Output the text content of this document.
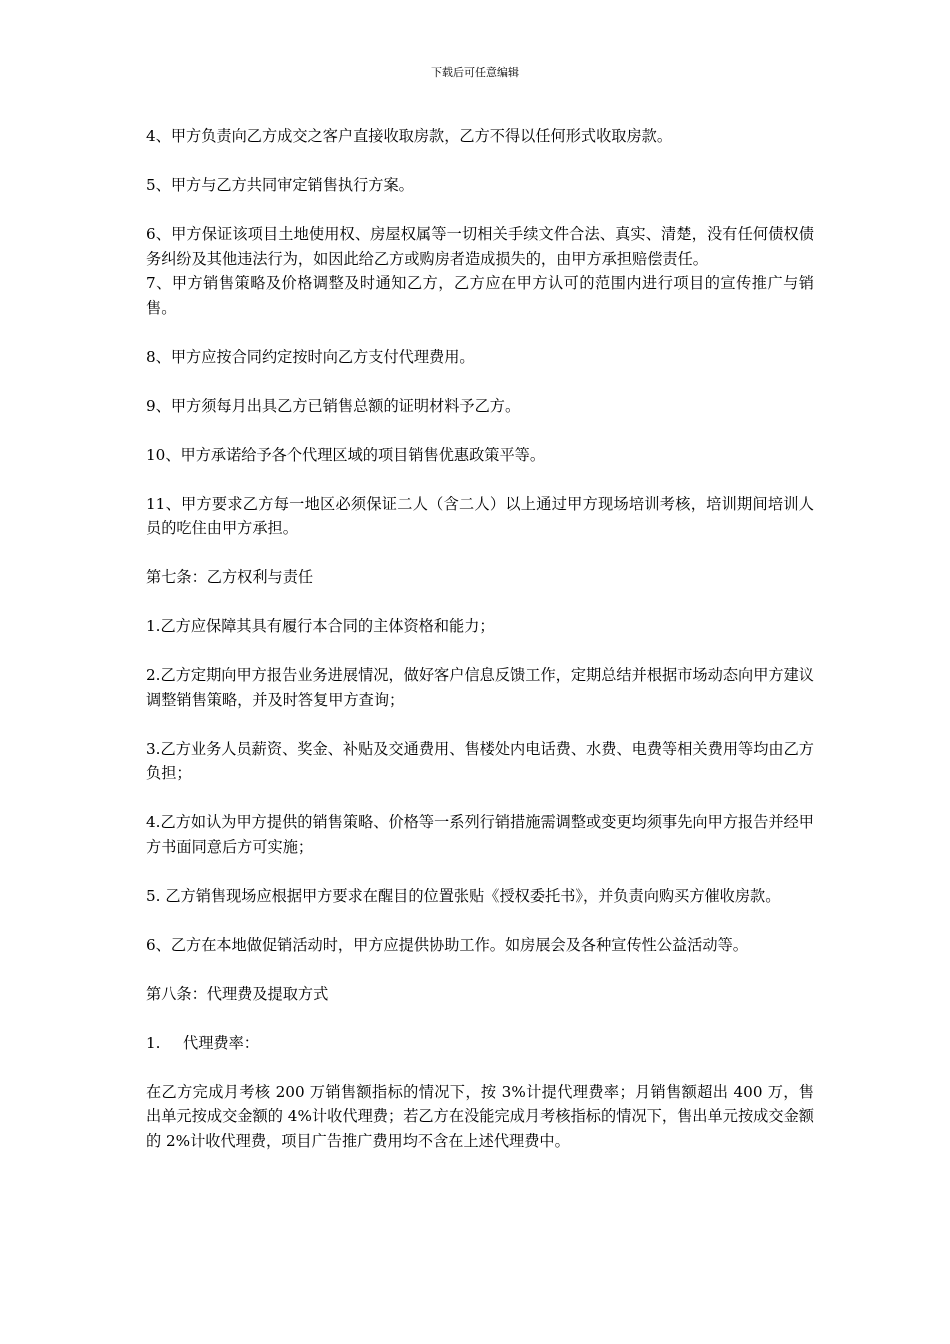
下载后可任意编辑

4、甲方负责向乙方成交之客户直接收取房款，乙方不得以任何形式收取房款。

5、甲方与乙方共同审定销售执行方案。

6、甲方保证该项目土地使用权、房屋权属等一切相关手续文件合法、真实、清楚，没有任何债权债务纠纷及其他违法行为，如因此给乙方或购房者造成损失的，由甲方承担赔偿责任。

7、甲方销售策略及价格调整及时通知乙方，乙方应在甲方认可的范围内进行项目的宣传推广与销售。

8、甲方应按合同约定按时向乙方支付代理费用。

9、甲方须每月出具乙方已销售总额的证明材料予乙方。

10、甲方承诺给予各个代理区域的项目销售优惠政策平等。

11、甲方要求乙方每一地区必须保证二人（含二人）以上通过甲方现场培训考核，培训期间培训人员的吃住由甲方承担。

第七条：乙方权利与责任

1.乙方应保障其具有履行本合同的主体资格和能力；

2.乙方定期向甲方报告业务进展情况，做好客户信息反馈工作，定期总结并根据市场动态向甲方建议调整销售策略，并及时答复甲方查询；

3.乙方业务人员薪资、奖金、补贴及交通费用、售楼处内电话费、水费、电费等相关费用等均由乙方负担；

4.乙方如认为甲方提供的销售策略、价格等一系列行销措施需调整或变更均须事先向甲方报告并经甲方书面同意后方可实施；

5. 乙方销售现场应根据甲方要求在醒目的位置张贴《授权委托书》，并负责向购买方催收房款。

6、乙方在本地做促销活动时，甲方应提供协助工作。如房展会及各种宣传性公益活动等。

第八条：代理费及提取方式

1. 代理费率：

在乙方完成月考核 200 万销售额指标的情况下，按 3%计提代理费率；月销售额超出 400 万，售出单元按成交金额的 4%计收代理费；若乙方在没能完成月考核指标的情况下，售出单元按成交金额的 2%计收代理费，项目广告推广费用均不含在上述代理费中。
